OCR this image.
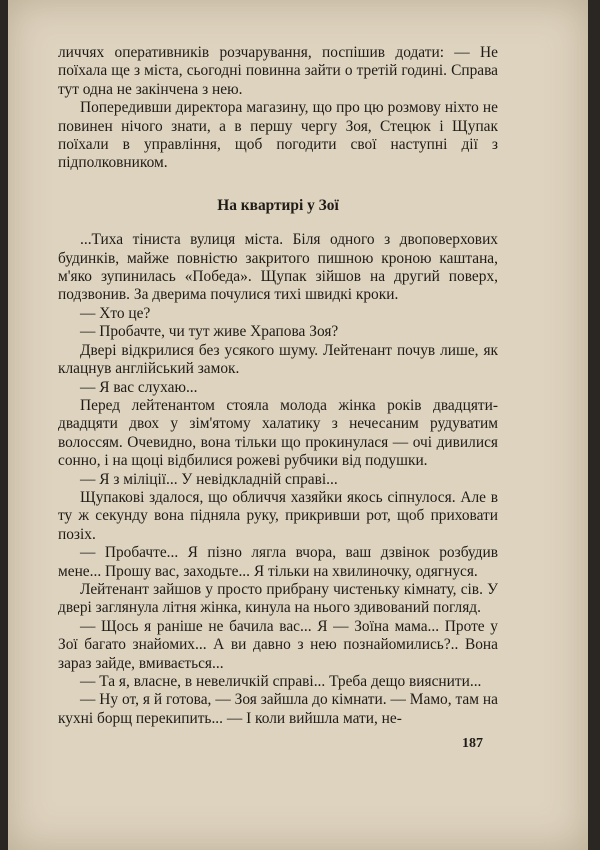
личчях оперативників розчарування, поспішив додати: — Не поїхала ще з міста, сьогодні повинна зайти о третій годині. Справа тут одна не закінчена з нею.

Попередивши директора магазину, що про цю розмову ніхто не повинен нічого знати, а в першу чергу Зоя, Стецюк і Щупак поїхали в управління, щоб погодити свої наступні дії з підполковником.

На квартирі у Зої

...Тиха тіниста вулиця міста. Біля одного з двоповерхових будинків, майже повністю закритого пишною кроною каштана, м'яко зупинилась «Победа». Щупак зійшов на другий поверх, подзвонив. За дверима почулися тихі швидкі кроки.

— Хто це?

— Пробачте, чи тут живе Храпова Зоя?

Двері відкрилися без усякого шуму. Лейтенант почув лише, як клацнув англійський замок.

— Я вас слухаю...

Перед лейтенантом стояла молода жінка років двадцяти-двадцяти двох у зім'ятому халатику з нечесаним рудуватим волоссям. Очевидно, вона тільки що прокинулася — очі дивилися сонно, і на щоці відбилися рожеві рубчики від подушки.

— Я з міліції... У невідкладній справі...

Щупакові здалося, що обличчя хазяйки якось сіпнулося. Але в ту ж секунду вона підняла руку, прикривши рот, щоб приховати позіх.

— Пробачте... Я пізно лягла вчора, ваш дзвінок розбудив мене... Прошу вас, заходьте... Я тільки на хвилиночку, одягнуся.

Лейтенант зайшов у просто прибрану чистеньку кімнату, сів. У двері заглянула літня жінка, кинула на нього здивований погляд.

— Щось я раніше не бачила вас... Я — Зоїна мама... Проте у Зої багато знайомих... А ви давно з нею познайомились?.. Вона зараз зайде, вмивається...

— Та я, власне, в невеличкій справі... Треба дещо вияснити...

— Ну от, я й готова, — Зоя зайшла до кімнати. — Мамо, там на кухні борщ перекипить... — І коли вийшла мати, не-

187
